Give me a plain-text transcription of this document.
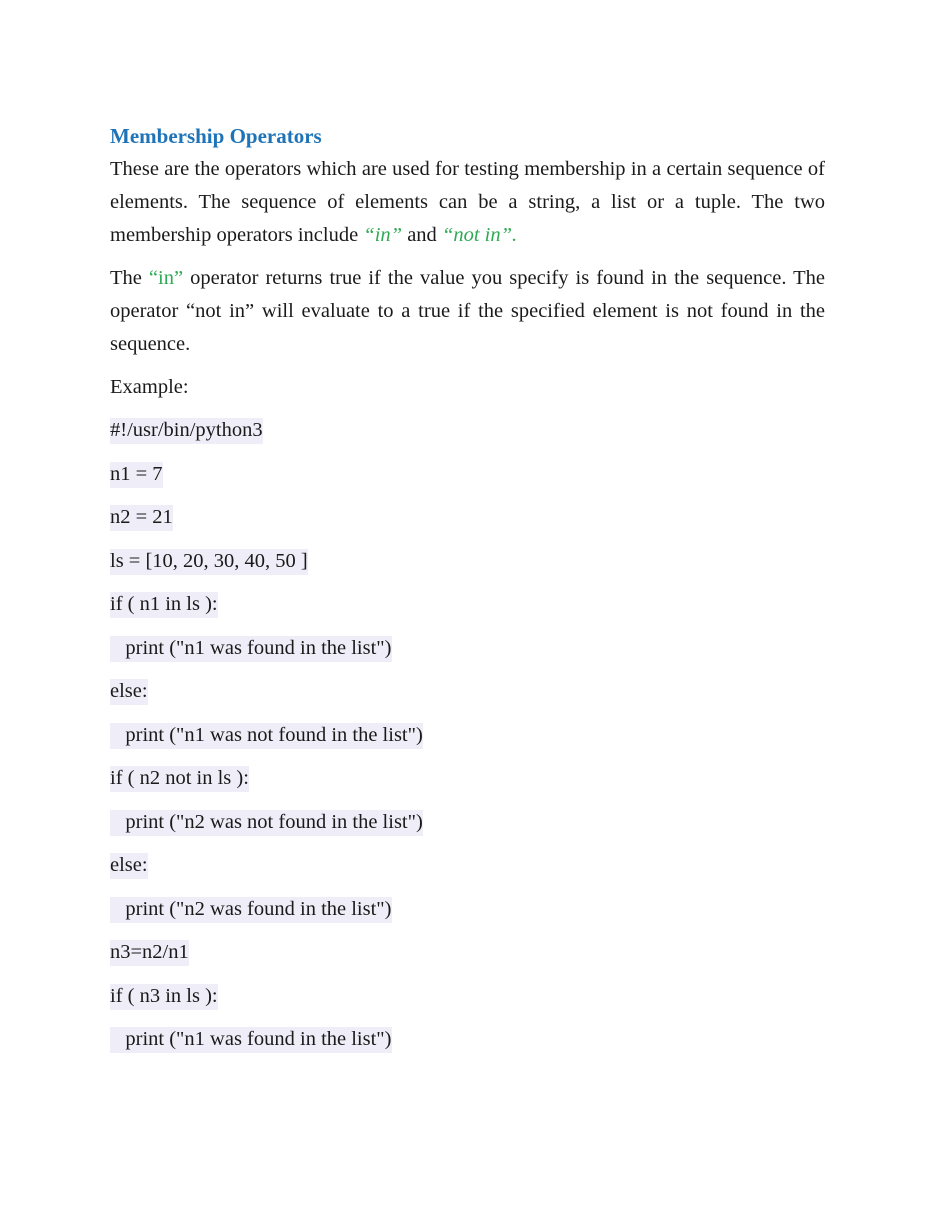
Membership Operators

These are the operators which are used for testing membership in a certain sequence of elements. The sequence of elements can be a string, a list or a tuple. The two membership operators include “in” and “not in”.

The “in” operator returns true if the value you specify is found in the sequence. The operator “not in” will evaluate to a true if the specified element is not found in the sequence.

Example:
#!/usr/bin/python3
n1 = 7
n2 = 21
ls = [10, 20, 30, 40, 50 ]
if ( n1 in ls ):
print ("n1 was found in the list")
else:
print ("n1 was not found in the list")
if ( n2 not in ls ):
print ("n2 was not found in the list")
else:
print ("n2 was found in the list")
n3=n2/n1
if ( n3 in ls ):
print ("n1 was found in the list")
